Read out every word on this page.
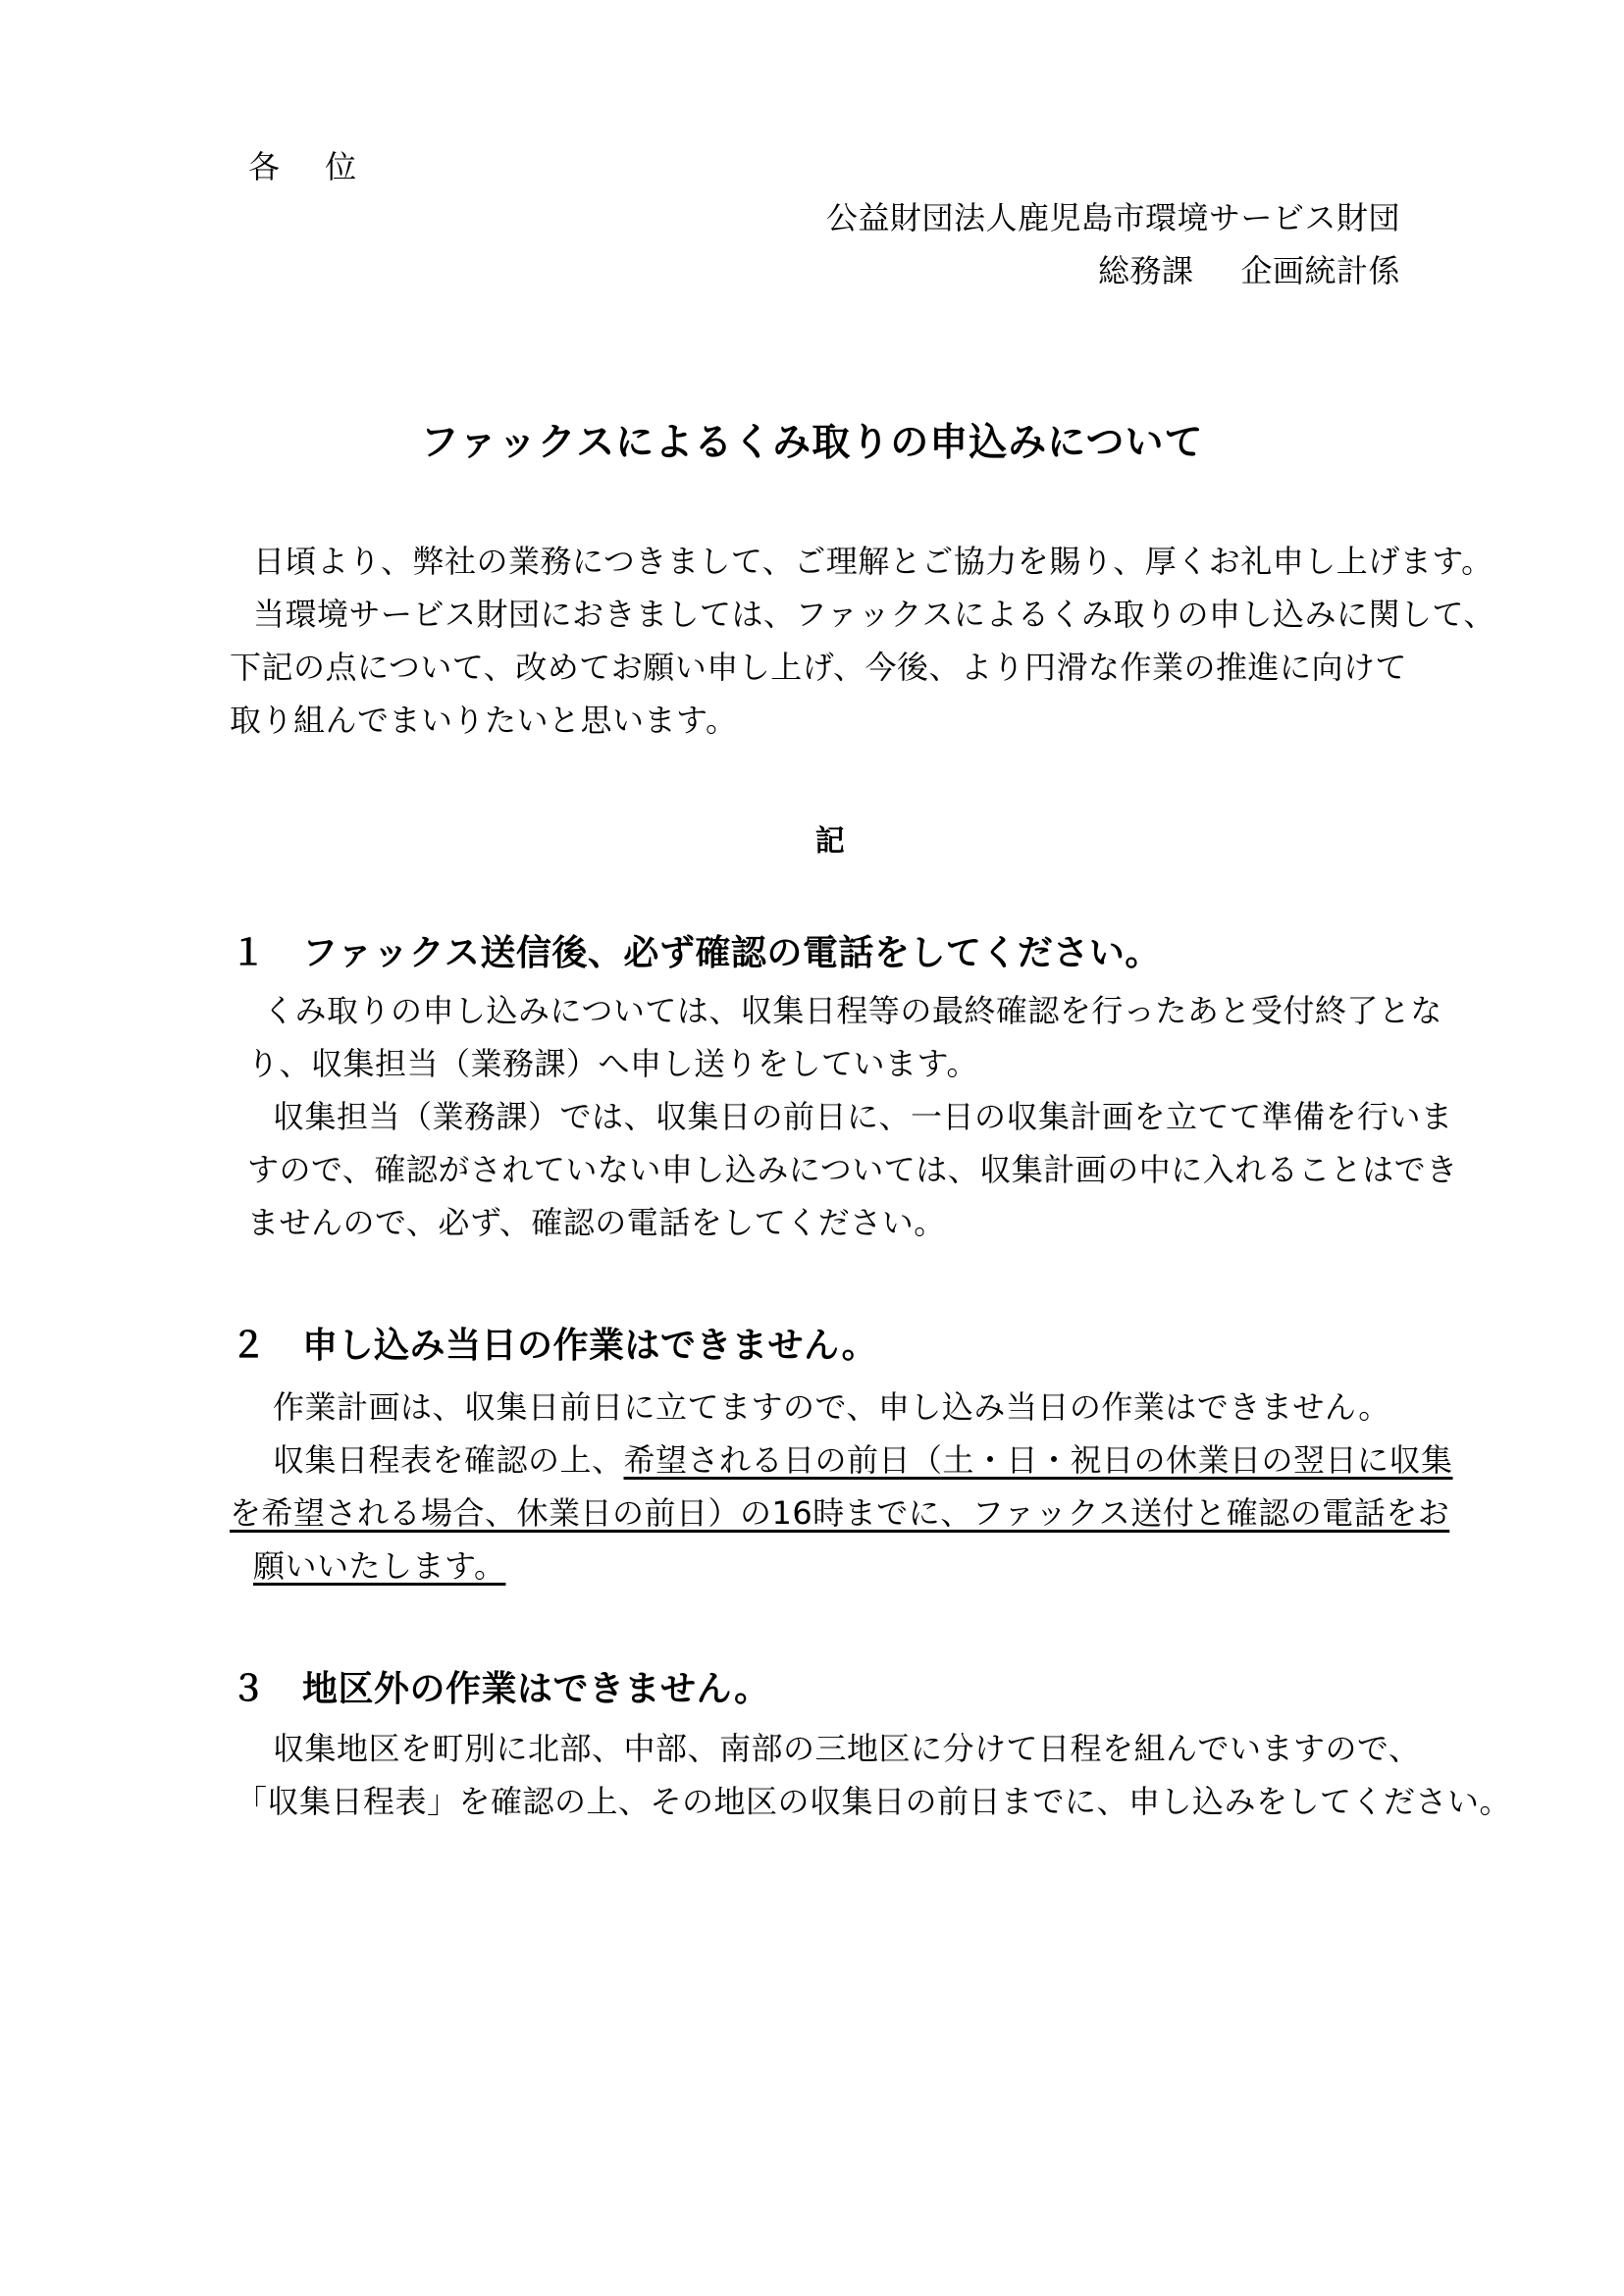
各 位
公益財団法人鹿児島市環境サービス財団
総務課 企画統計係
ファックスによるくみ取りの申込みについて
日頃より、弊社の業務につきまして、ご理解とご協力を賜り、厚くお礼申し上げます。
当環境サービス財団におきましては、ファックスによるくみ取りの申し込みに関して、
下記の点について、改めてお願い申し上げ、今後、より円滑な作業の推進に向けて
取り組んでまいりたいと思います。
記
１　ファックス送信後、必ず確認の電話をしてください。
くみ取りの申し込みについては、収集日程等の最終確認を行ったあと受付終了とな
り、収集担当（業務課）へ申し送りをしています。
収集担当（業務課）では、収集日の前日に、一日の収集計画を立てて準備を行いま
すので、確認がされていない申し込みについては、収集計画の中に入れることはでき
ませんので、必ず、確認の電話をしてください。
２　申し込み当日の作業はできません。
作業計画は、収集日前日に立てますので、申し込み当日の作業はできません。
収集日程表を確認の上、希望される日の前日（土・日・祝日の休業日の翌日に収集
を希望される場合、休業日の前日）の16時までに、ファックス送付と確認の電話をお
願いいたします。
３　地区外の作業はできません。
収集地区を町別に北部、中部、南部の三地区に分けて日程を組んでいますので、
「収集日程表」を確認の上、その地区の収集日の前日までに、申し込みをしてください。
